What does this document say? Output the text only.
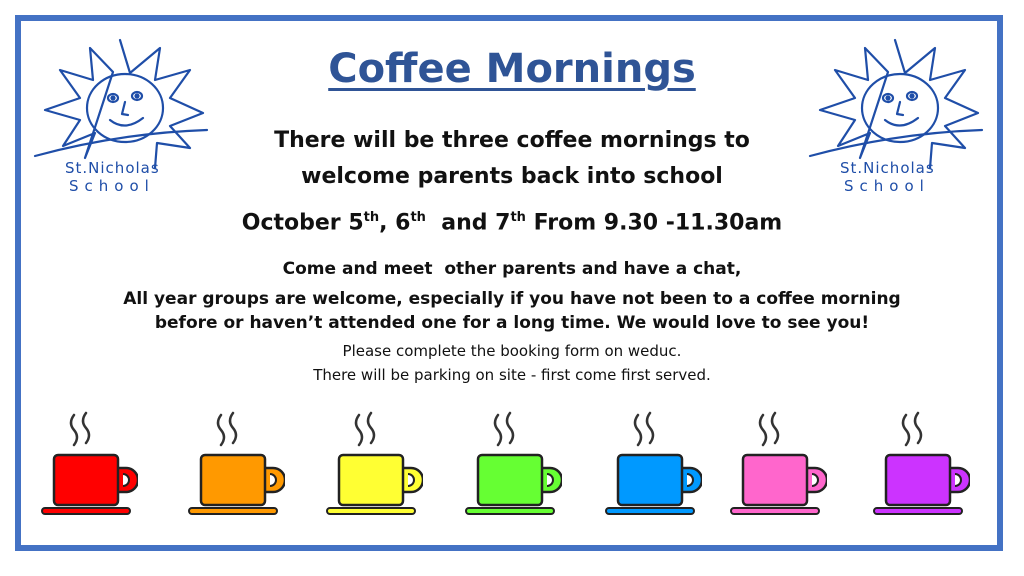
St.Nicholas
School
St.Nicholas
School
Coffee Mornings
There will be three coffee mornings to
welcome parents back into school
October 5th, 6th  and 7th From 9.30 -11.30am
Come and meet  other parents and have a chat,
All year groups are welcome, especially if you have not been to a coffee morning
before or haven’t attended one for a long time. We would love to see you!
Please complete the booking form on weduc.
There will be parking on site - first come first served.
